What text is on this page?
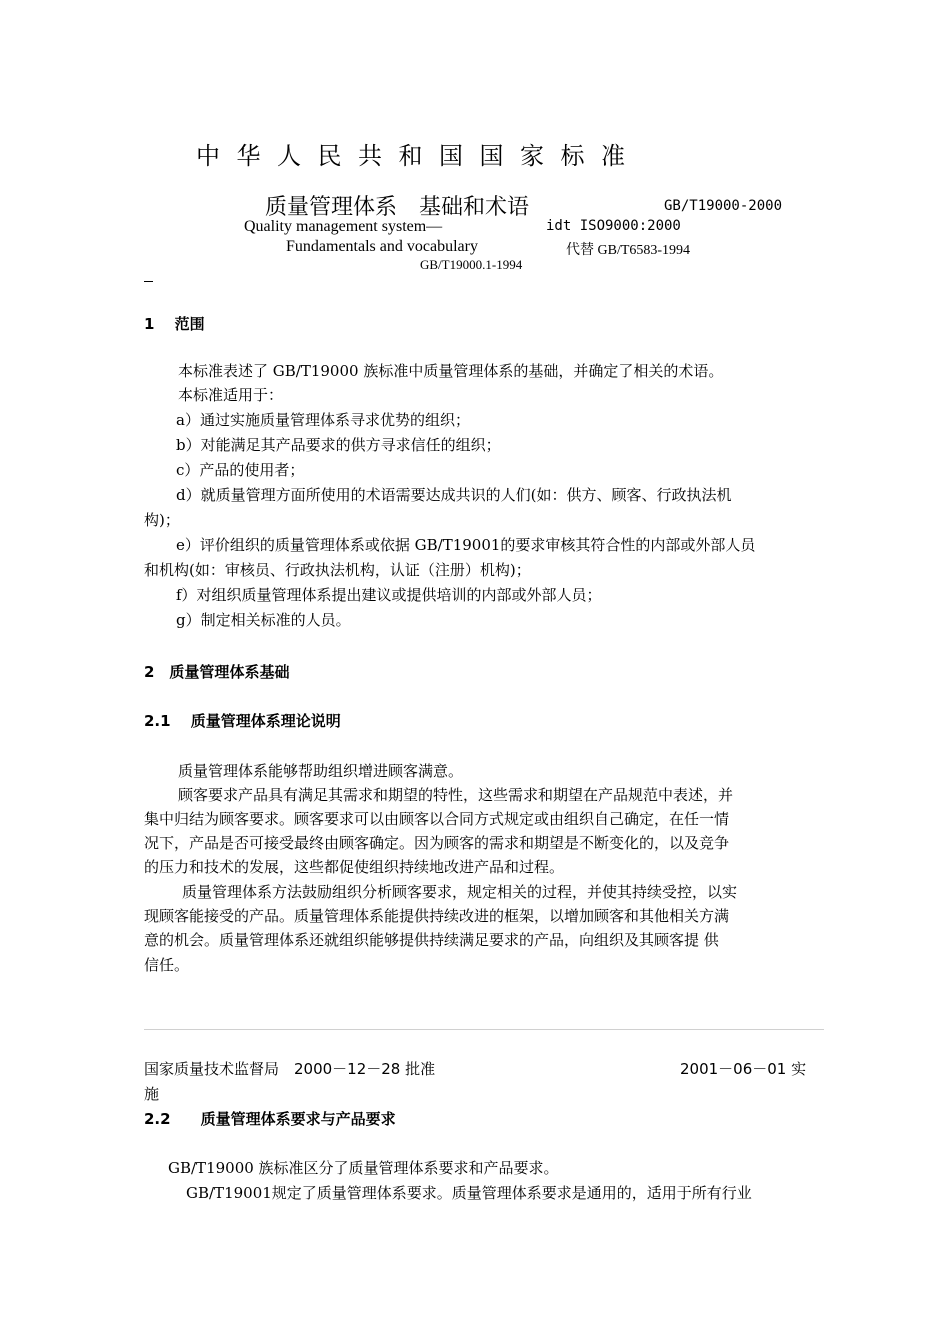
中华人民共和国国家标准
质量管理体系　基础和术语	GB/T19000-2000
Quality management system—	idt ISO9000:2000
Fundamentals and vocabulary	代替 GB/T6583-1994
GB/T19000.1-1994
1　 范围
本标准表述了 GB/T19000 族标准中质量管理体系的基础，并确定了相关的术语。
本标准适用于：
a）通过实施质量管理体系寻求优势的组织；
b）对能满足其产品要求的供方寻求信任的组织；
c）产品的使用者；
d）就质量管理方面所使用的术语需要达成共识的人们(如：供方、顾客、行政执法机
构)；
e）评价组织的质量管理体系或依据 GB/T19001的要求审核其符合性的内部或外部人员
和机构(如：审核员、行政执法机构，认证（注册）机构)；
f）对组织质量管理体系提出建议或提供培训的内部或外部人员；
g）制定相关标准的人员。
2　质量管理体系基础
2.1　 质量管理体系理论说明
质量管理体系能够帮助组织增进顾客满意。
顾客要求产品具有满足其需求和期望的特性，这些需求和期望在产品规范中表述，并
集中归结为顾客要求。顾客要求可以由顾客以合同方式规定或由组织自己确定，在任一情
况下，产品是否可接受最终由顾客确定。因为顾客的需求和期望是不断变化的，以及竞争
的压力和技术的发展，这些都促使组织持续地改进产品和过程。
质量管理体系方法鼓励组织分析顾客要求，规定相关的过程，并使其持续受控，以实
现顾客能接受的产品。质量管理体系能提供持续改进的框架，以增加顾客和其他相关方满
意的机会。质量管理体系还就组织能够提供持续满足要求的产品，向组织及其顾客提 供
信任。
国家质量技术监督局　2000－12－28 批准	2001－06－01 实
施
2.2　　质量管理体系要求与产品要求
GB/T19000 族标准区分了质量管理体系要求和产品要求。
GB/T19001规定了质量管理体系要求。质量管理体系要求是通用的，适用于所有行业
